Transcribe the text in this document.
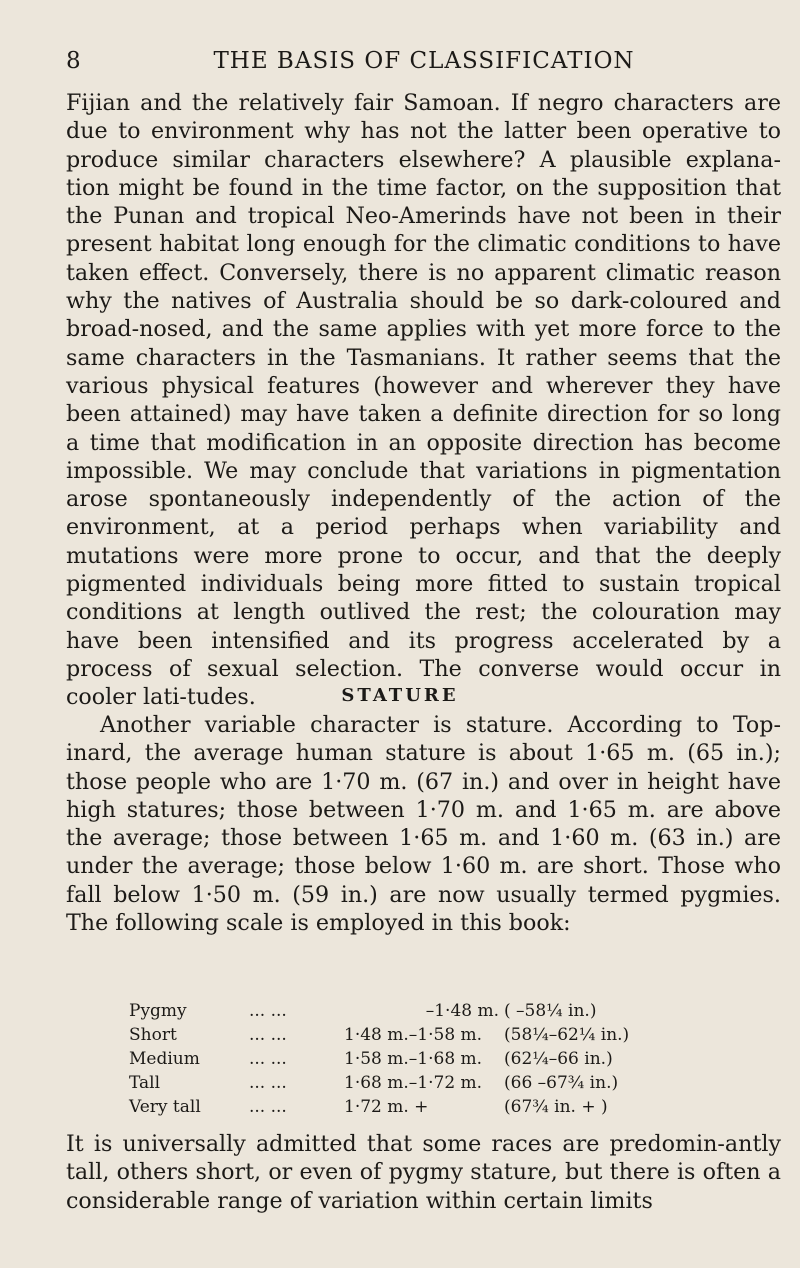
8	THE BASIS OF CLASSIFICATION
Fijian and the relatively fair Samoan. If negro characters are due to environment why has not the latter been operative to produce similar characters elsewhere? A plausible explana-tion might be found in the time factor, on the supposition that the Punan and tropical Neo-Amerinds have not been in their present habitat long enough for the climatic conditions to have taken effect. Conversely, there is no apparent climatic reason why the natives of Australia should be so dark-coloured and broad-nosed, and the same applies with yet more force to the same characters in the Tasmanians. It rather seems that the various physical features (however and wherever they have been attained) may have taken a definite direction for so long a time that modification in an opposite direction has become impossible. We may conclude that variations in pigmentation arose spontaneously independently of the action of the environment, at a period perhaps when variability and mutations were more prone to occur, and that the deeply pigmented individuals being more fitted to sustain tropical conditions at length outlived the rest; the colouration may have been intensified and its progress accelerated by a process of sexual selection. The converse would occur in cooler lati-tudes.	STATURE
Another variable character is stature. According to Top-inard, the average human stature is about 1·65 m. (65 in.); those people who are 1·70 m. (67 in.) and over in height have high statures; those between 1·70 m. and 1·65 m. are above the average; those between 1·65 m. and 1·60 m. (63 in.) are under the average; those below 1·60 m. are short. Those who fall below 1·50 m. (59 in.) are now usually termed pygmies. The following scale is employed in this book:
Pygmy	... ...	–1·48 m. ( –58¼ in.)
Short	... ...	1·48 m.–1·58 m. (58¼–62¼ in.)
Medium	... ...	1·58 m.–1·68 m. (62¼–66 in.)
Tall	... ...	1·68 m.–1·72 m. (66 –67¾ in.)
Very tall	... ...	1·72 m. +	(67¾ in. + )
It is universally admitted that some races are predomin-antly tall, others short, or even of pygmy stature, but there is often a considerable range of variation within certain limits
